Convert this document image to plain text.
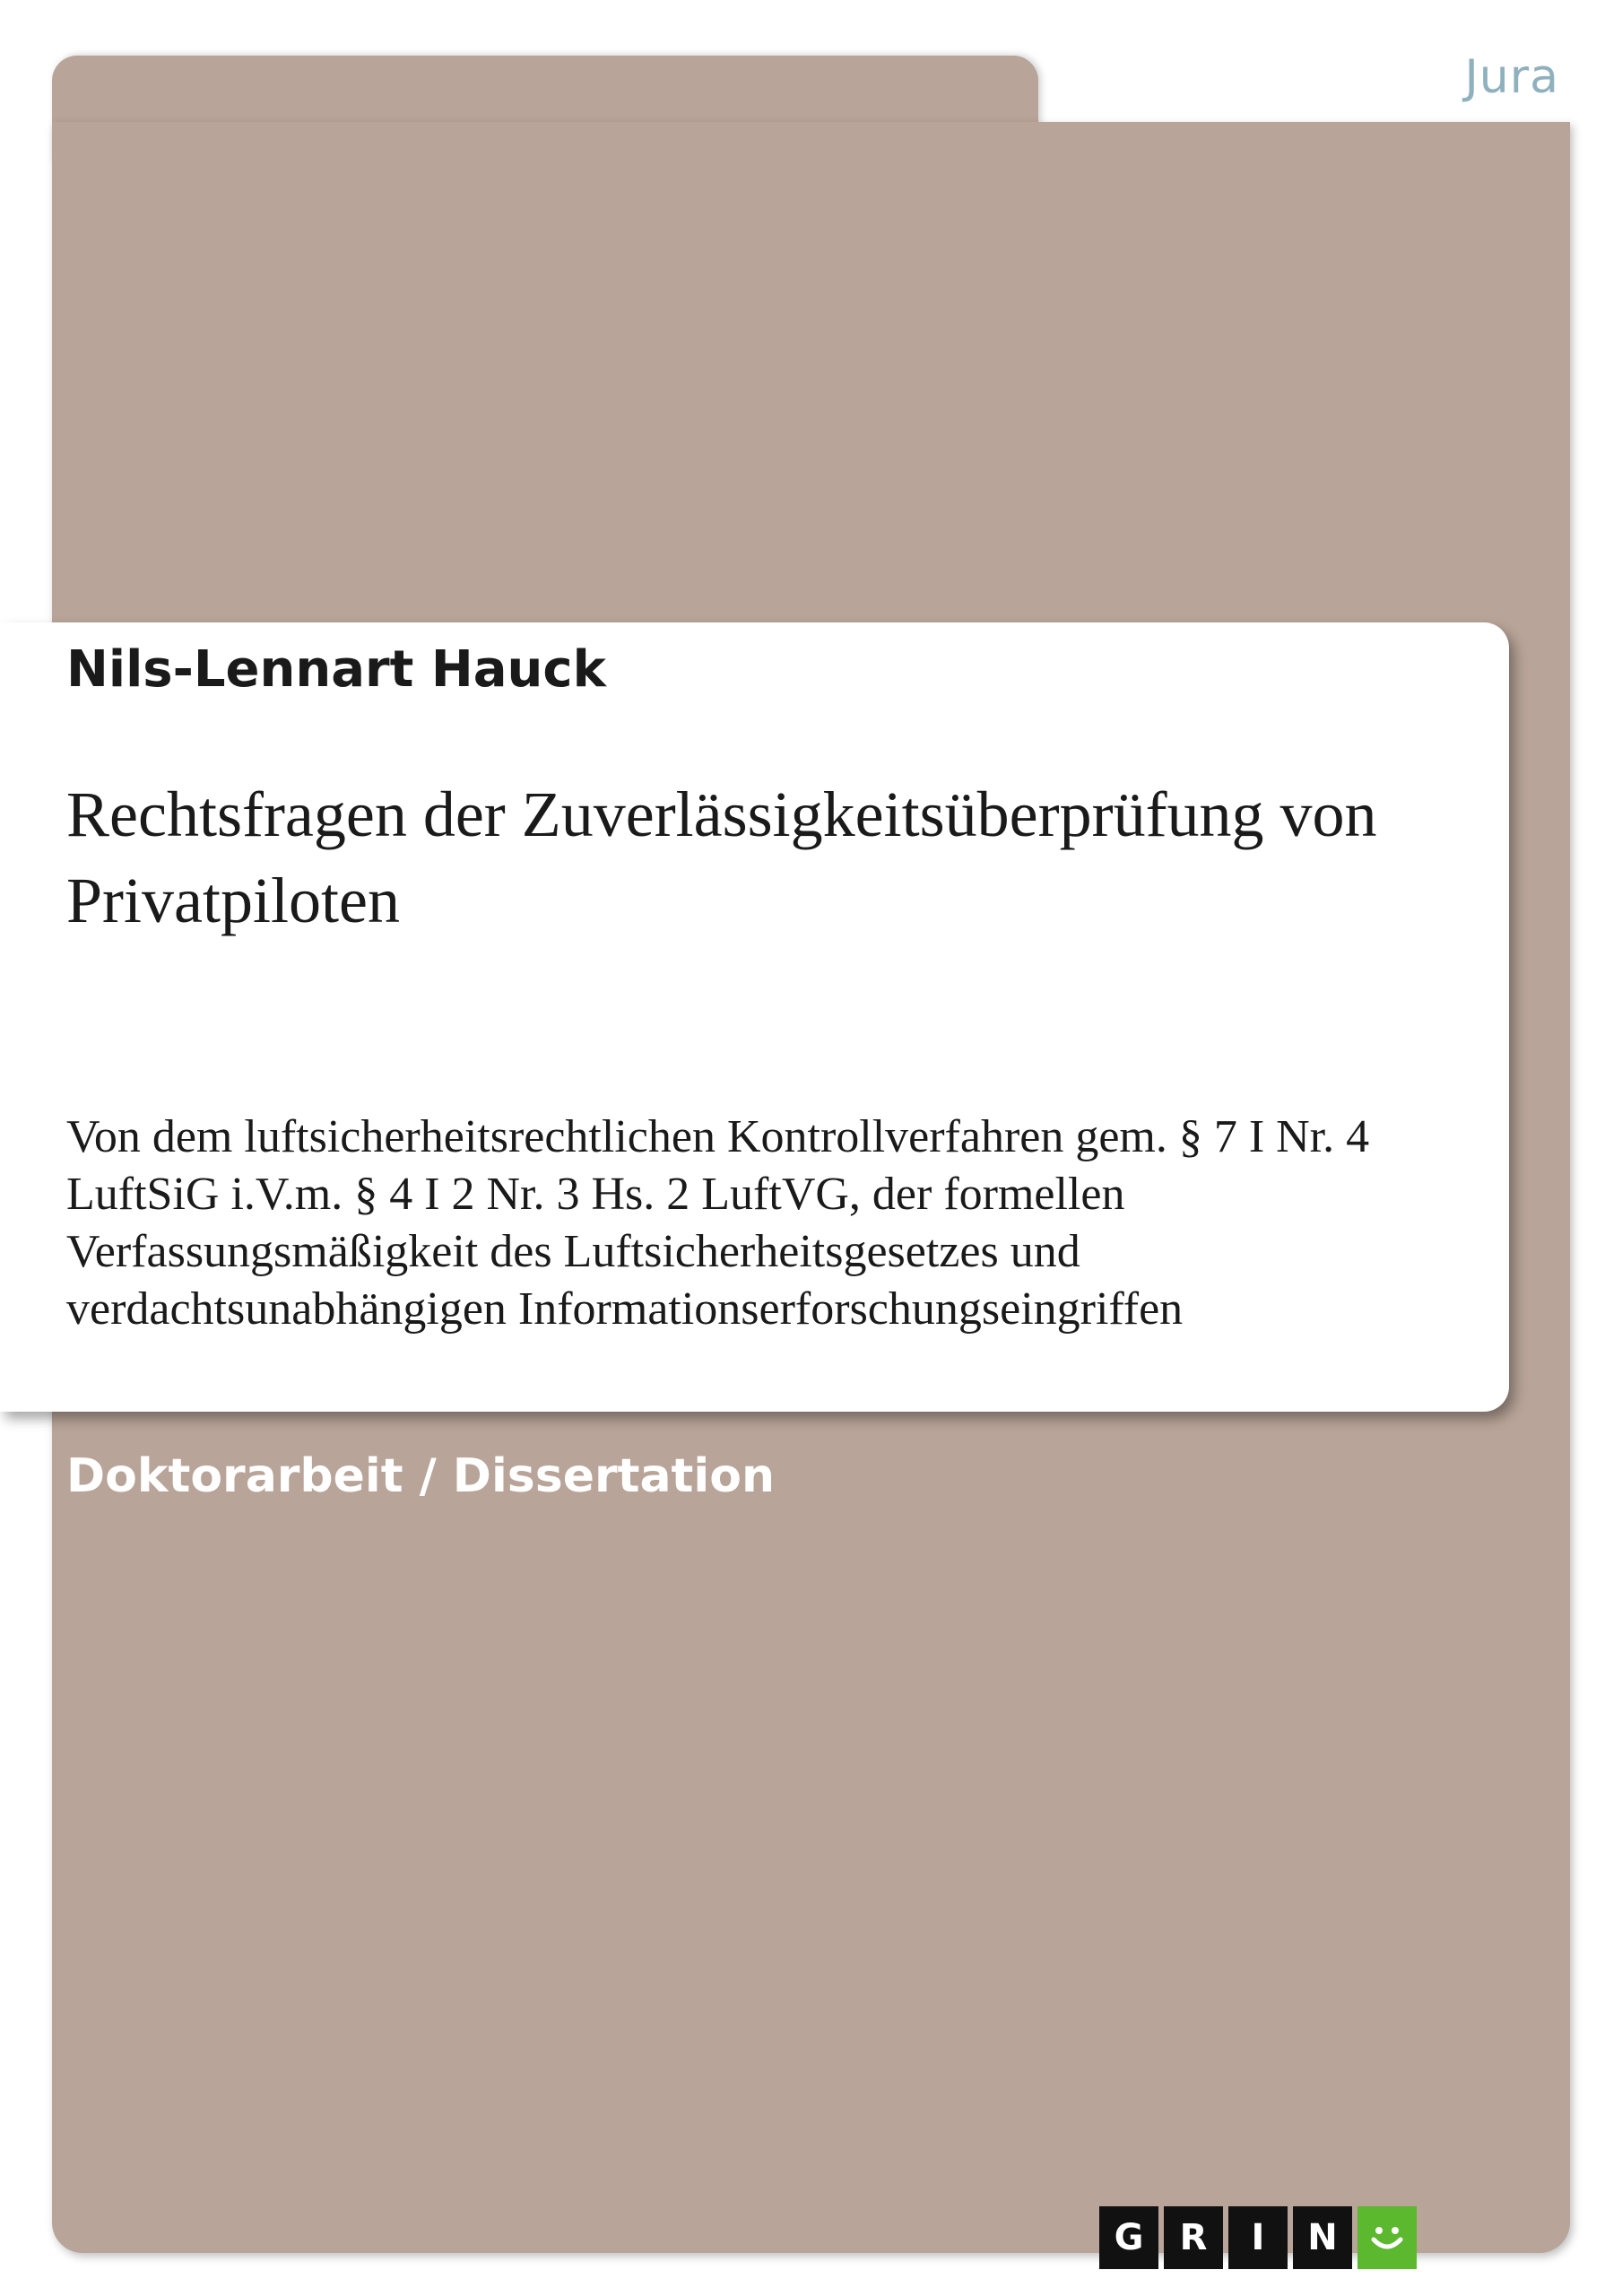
Jura

Nils-Lennart Hauck

Rechtsfragen der Zuverlässigkeitsüberprüfung von Privatpiloten

Von dem luftsicherheitsrechtlichen Kontrollverfahren gem. § 7 I Nr. 4 LuftSiG i.V.m. § 4 I 2 Nr. 3 Hs. 2 LuftVG, der formellen Verfassungsmäßigkeit des Luftsicherheitsgesetzes und verdachtsunabhängigen Informationserforschungseingriffen

Doktorarbeit / Dissertation

G	R	I	N
